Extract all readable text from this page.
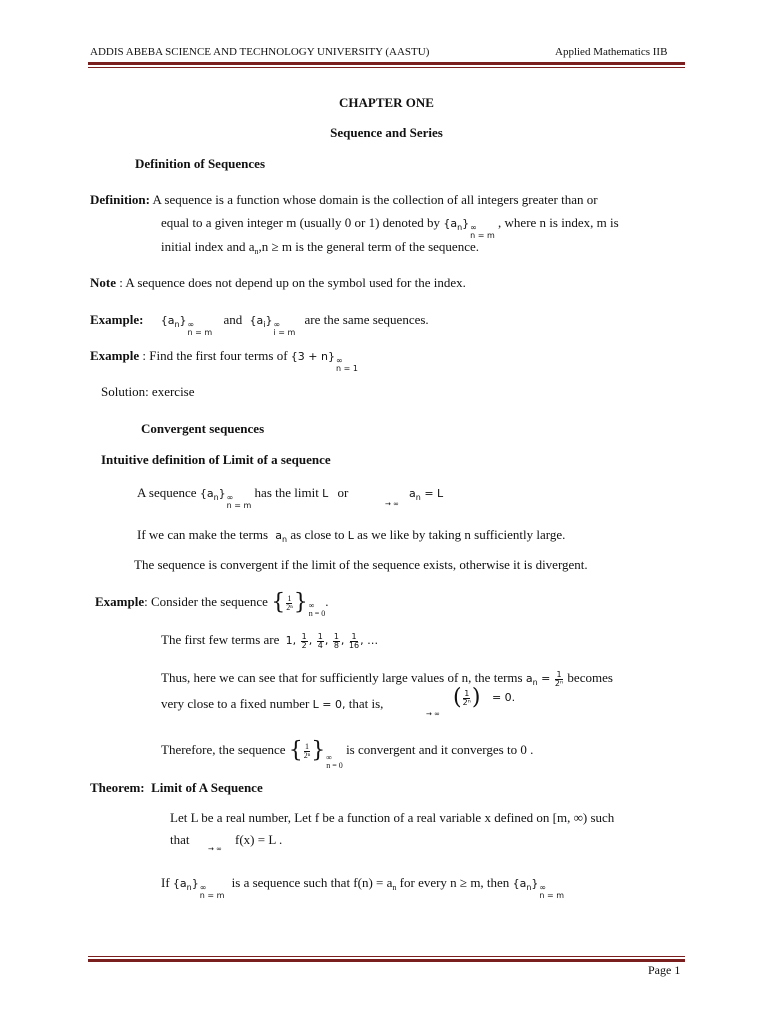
ADDIS ABEBA SCIENCE AND TECHNOLOGY UNIVERSITY (AASTU)	Applied Mathematics IIB
CHAPTER ONE
Sequence and Series
Definition of Sequences
Definition: A sequence is a function whose domain is the collection of all integers greater than or
equal to a given integer m (usually 0 or 1) denoted by $\{a_n\}$ ∞
n = m
, where n is index, m is
initial index and $a_n,n \ge m$ is the general term of the sequence.
Note : A sequence does not depend up on the symbol used for the index.
Example: $\{a_n\}$ ∞
n = m
and $\{a_i\}$ ∞
i = m
are the same sequences.
Example : Find the first four terms of {3 + n} ∞
n = 1
Solution: exercise
Convergent sequences
Intuitive definition of Limit of a sequence
A sequence $\{a_n\}$ ∞
n = m
has the limit L or
→ ∞
$a_n = L$
If we can make the terms $a_n$ as close to L as we like by taking n sufficiently large.
The sequence is convergent if the limit of the sequence exists, otherwise it is divergent.
Example: Consider the sequence { $\frac{1}{\text{2ⁿ}}$ } ∞
n = 0
.
The first few terms are 1, $\frac{1}{2}$ , $\frac{1}{4}$ , $\frac{1}{8}$ , $\frac{1}{16}$ , …
Thus, here we can see that for sufficiently large values of n, the terms $a_n = \frac{1}{\text{2ⁿ}}$ becomes
very close to a fixed number L = 0, that is,
→ ∞
( $\frac{1}{\text{2ⁿ}}$ ) = 0.
Therefore, the sequence { $\frac{1}{\text{2ⁿ}}$ } ∞
n = 0
is convergent and it converges to 0 .
Theorem: Limit of A Sequence
Let L be a real number, Let f be a function of a real variable x defined on [m, ∞) such
that
→ ∞
f(x) = L .
If $\{a_n\}$ ∞
n = m
is a sequence such that $f(n) = a_n$ for every n ≥ m, then $\{a_n\}$ ∞
n = m
Page 1
